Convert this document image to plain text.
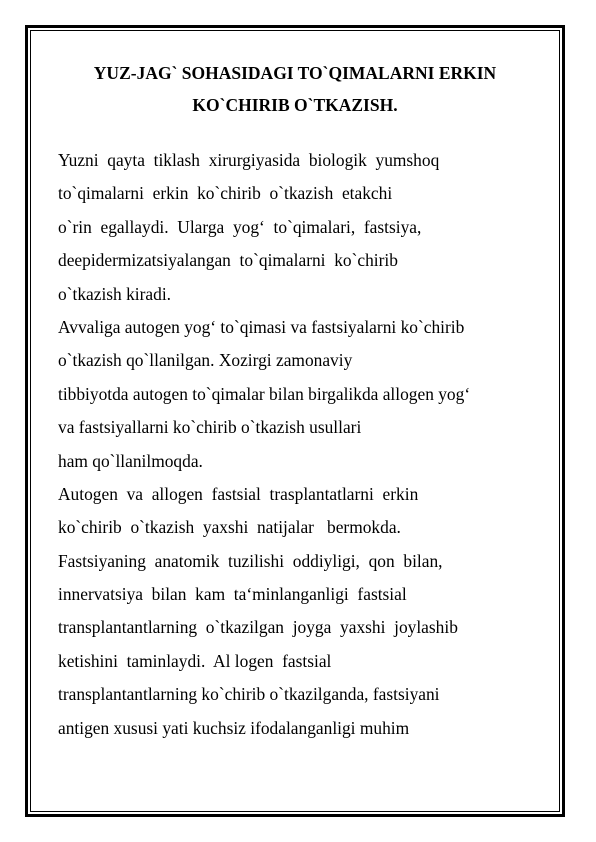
YUZ-JAG` SOHASIDAGI TO`QIMALARNI ERKIN
KO`CHIRIB O`TKAZISH.
Yuzni  qayta  tiklash  xirurgiyasida  biologik  yumshoq
to`qimalarni  erkin  ko`chirib  o`tkazish  etakchi
o`rin  egallaydi.  Ularga  yog‘  to`qimalari,  fastsiya,
deepidermizatsiyalangan  to`qimalarni  ko`chirib
o`tkazish kiradi.
Avvaliga autogen yog‘ to`qimasi va fastsiyalarni ko`chirib
o`tkazish qo`llanilgan. Xozirgi zamonaviy
tibbiyotda autogen to`qimalar bilan birgalikda allogen yog‘
va fastsiyallarni ko`chirib o`tkazish usullari
ham qo`llanilmoqda.
Autogen  va  allogen  fastsial  trasplantatlarni  erkin
ko`chirib  o`tkazish  yaxshi  natijalar   bermokda.
Fastsiyaning  anatomik  tuzilishi  oddiyligi,  qon  bilan,
innervatsiya  bilan  kam  ta‘minlanganligi  fastsial
transplantantlarning  o`tkazilgan  joyga  yaxshi  joylashib
ketishini  taminlaydi.  Al logen  fastsial
transplantantlarning ko`chirib o`tkazilganda, fastsiyani
antigen xususi yati kuchsiz ifodalanganligi muhim
